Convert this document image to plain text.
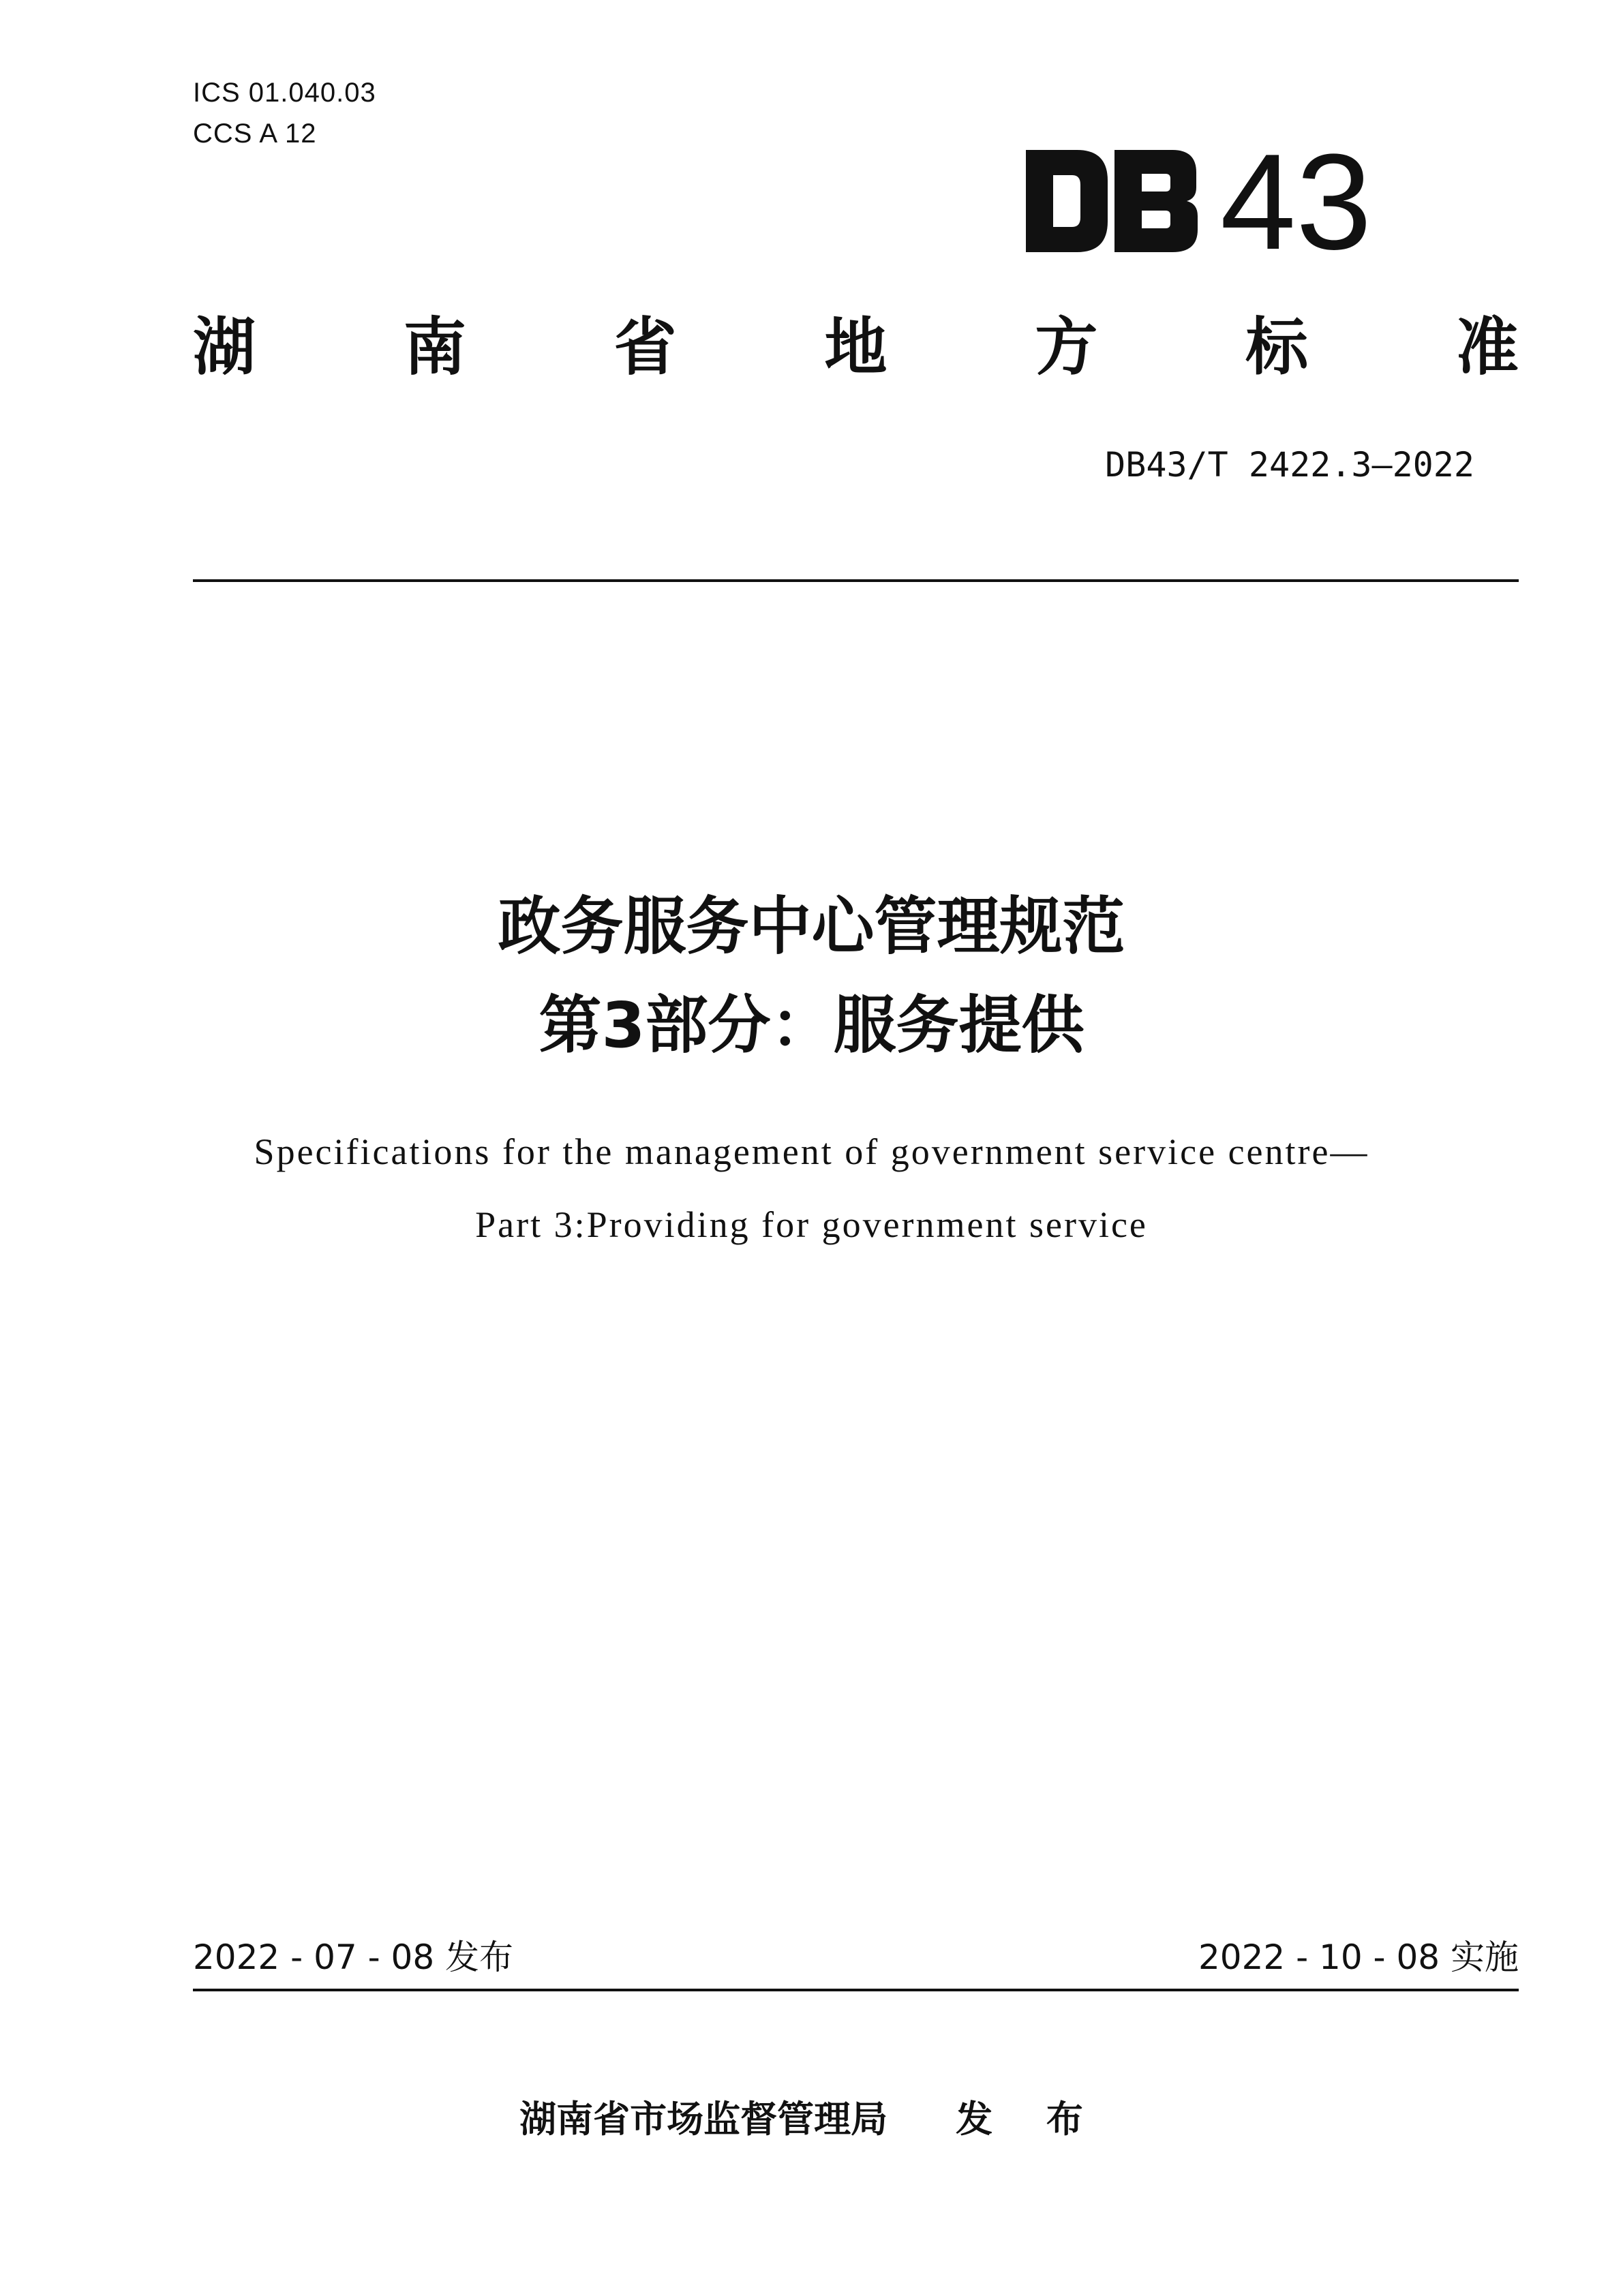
ICS 01.040.03
CCS A 12	43
湖 南 省 地 方 标 准
DB43/T 2422.3—2022
政务服务中心管理规范
第3部分：服务提供
Specifications for the management of government service centre—
Part 3:Providing for government service
2022 - 07 - 08 发布	2022 - 10 - 08 实施
湖南省市场监督管理局 发 布
